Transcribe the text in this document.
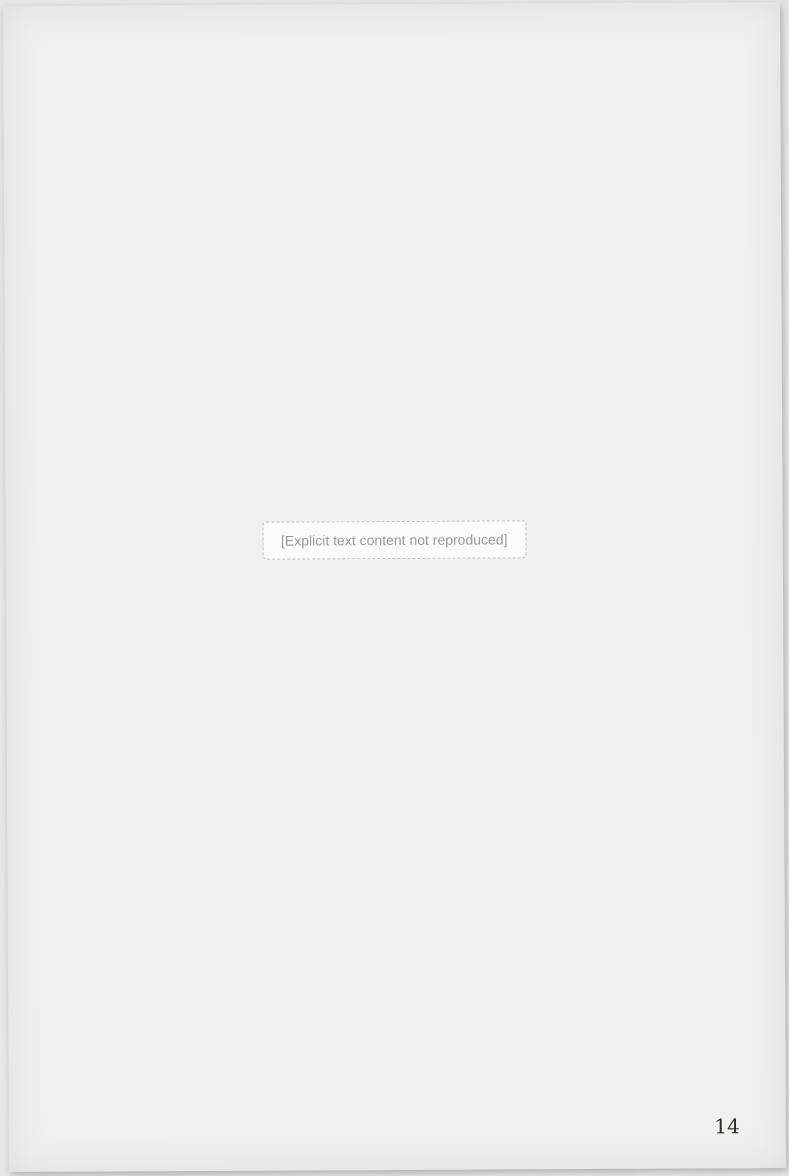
[Explicit text content not reproduced]
14
